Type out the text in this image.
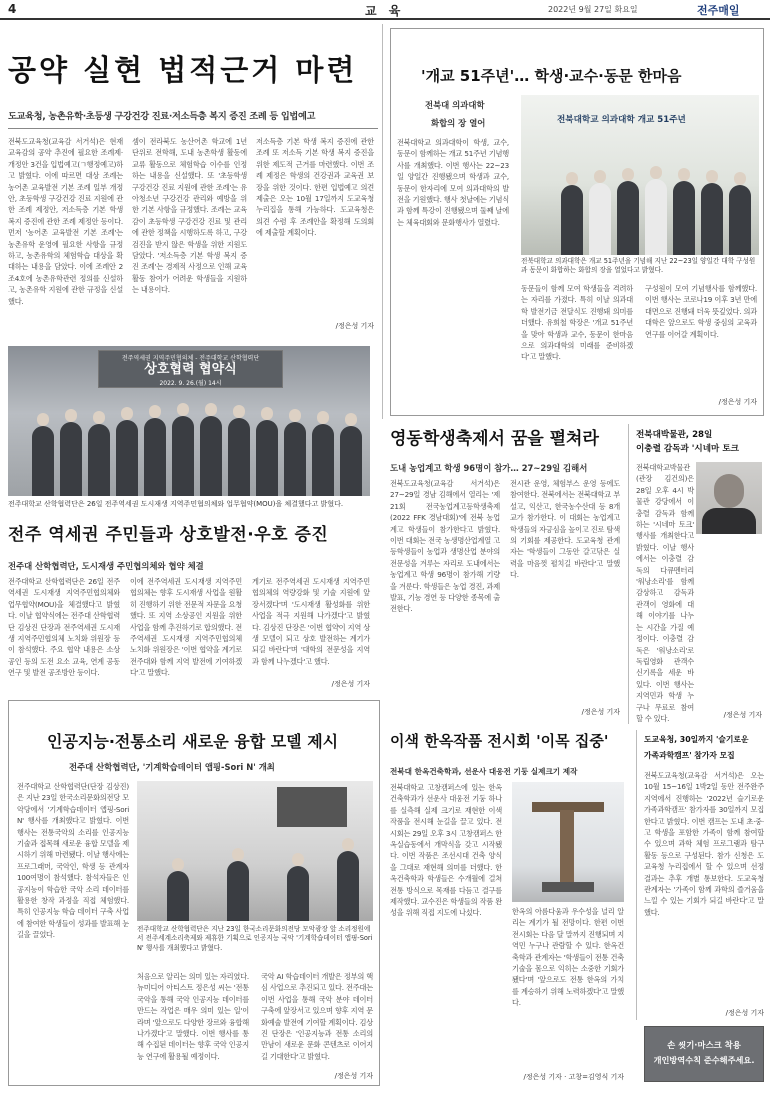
4	교 육	2022년 9월 27일 화요일	전주매일
공약 실현 법적근거 마련
도교육청, 농촌유학·초등생 구강건강 진료·저소득층 복지 증진 조례 등 입법예고
전북도교육청(교육감 서거석)은 현재 교육감의 공약 추진에 필요한 조례제·개정안 3건을 입법예고(ㄱ행정예고)하고 밝혔다. 이에 따르면 대상 조례는 농어촌 교육발전 기본 조례 일부 개정안, 초등학생 구강건강 진료 지원에 관한 조례 제정안, 저소득층 기본 학생 복지 증진에 관한 조례 제정안 등이다. 먼저 '농어촌 교육발전 기본 조례'는 농촌유학 운영에 필요한 사항을 규정하고, 농촌유학의 체험학습 대상을 확대하는 내용을 담았다. 이에 조례안 2조4호에 농촌유학관련 정의를 신설하고, 농촌유학 지원에 관한 규정을 신설했다.
셈이 전라북도 농산어촌 학교에 1년 단위로 전학해, 도내 농촌학생 활동에 교류 활동으로 체험학습 이수를 인정하는 내용을 신설했다. 또 '초등학생 구강건강 진료 지원에 관한 조례'는 유아청소년 구강건강 관리와 예방을 위한 기본 사항을 규정했다. 조례는 교육감이 초등학생 구강건강 진료 및 관리에 관한 정책을 시행하도록 하고, 구강검진을 받지 않은 학생을 위한 지원도 담았다. '저소득층 기본 학생 복지 증진 조례'는 경제적 사정으로 인해 교육활동 참여가 어려운 학생들을 지원하는 내용이다.
저소득층 기본 학생 복지 증진에 관한 조례 또 저소득 기본 학생 복지 증진을 위한 제도적 근거를 마련했다. 이번 조례 제정은 학생의 건강권과 교육권 보장을 위한 것이다. 한편 입법예고 의견 제출은 오는 10월 17일까지 도교육청 누리집을 통해 가능하다. 도교육청은 의견 수렴 후 조례안을 확정해 도의회에 제출할 계획이다.
/정은성 기자
전주역세권 지역주민협의체 - 전주대학교 산학협력단
상호협력 협약식
2022. 9. 26.(월) 14시
전주대학교 산학협력단은 26일 전주역세권 도시재생 지역주민협의체와 업무협약(MOU)을 체결했다고 밝혔다.
전주 역세권 주민들과 상호발전·우호 증진
전주대 산학협력단, 도시재생 주민협의체와 협약 체결
전주대학교 산학협력단은 26일 전주역세권 도시재생 지역주민협의체와 업무협약(MOU)을 체결했다고 밝혔다. 이날 협약식에는 전주대 산학협력단 김상진 단장과 전주역세권 도시재생 지역주민협의체 노치화 위원장 등이 참석했다. 주요 협약 내용은 소상공인 등의 도전 요소 교육, 연계 공동연구 및 발전 공조방안 등이다.
이에 전주역세권 도시재생 지역주민협의체는 향후 도시재생 사업을 원활히 진행하기 위한 전문적 자문을 요청했다. 또 지역 소상공인 지원을 위한 사업을 함께 추진하기로 합의했다. 전주역세권 도시재생 지역주민협의체 노치화 위원장은 '이번 협약을 계기로 전주대와 함께 지역 발전에 기여하겠다'고 말했다.
게기로 전주역세권 도시재생 지역주민협의체의 역량강화 및 기술 지원에 앞장서겠다'며 '도시재생 활성화를 위한 사업을 적극 지원해 나가겠다'고 밝혔다. 김상진 단장은 '이번 협약이 지역 상생 모델이 되고 상호 발전하는 계기가 되길 바란다'며 '대학의 전문성을 지역과 함께 나누겠다'고 했다.
/정은성 기자
인공지능·전통소리 새로운 융합 모델 제시
전주대 산학협력단, '기계학습데이터 앱핑-Sori N' 개최
전주대학교 산학협력단(단장 김상진)은 지난 23일 한국소리문화의전당 모악당에서 '기계학습데이터 앱핑-Sori N' 행사를 개최했다고 밝혔다. 이번 행사는 전통국악의 소리를 인공지능 기술과 접목해 새로운 융합 모델을 제시하기 위해 마련됐다. 이날 행사에는 프로그래머, 국악인, 학생 등 관계자 100여명이 참석했다. 참석자들은 인공지능이 학습한 국악 소리 데이터를 활용한 창작 과정을 직접 체험했다. 특히 인공지능 학습 데이터 구축 사업에 참여한 학생들이 성과를 발표해 눈길을 끌었다.
전주대학교 산학협력단은 지난 23일 한국소리문화의전당 모악광장 앞 소리정원에서 전주세계소리축제와 제휴한 기획으로 인공지능 국악 '기계학습데이터 앱핑-Sori N' 행사를 개최했다고 밝혔다.
처음으로 알리는 의미 있는 자리였다. 뉴미디어 아티스트 정은성 씨는 '전통 국악을 통해 국악 인공지능 데이터를 만드는 작업은 매우 의미 있는 일'이라며 '앞으로도 다양한 장르와 융합해 나가겠다'고 말했다. 이번 행사를 통해 수집된 데이터는 향후 국악 인공지능 연구에 활용될 예정이다.
국악 AI 학습데이터 개발은 정부의 핵심 사업으로 추진되고 있다. 전주대는 이번 사업을 통해 국악 분야 데이터 구축에 앞장서고 있으며 향후 지역 문화예술 발전에 기여할 계획이다. 김상진 단장은 '인공지능과 전통 소리의 만남이 새로운 문화 콘텐츠로 이어지길 기대한다'고 밝혔다.
/정은성 기자
'개교 51주년'… 학생·교수·동문 한마음
전북대 의과대학
화합의 장 열어
전북대학교 의과대학이 학생, 교수, 동문이 함께하는 개교 51주년 기념행사를 개최했다. 이번 행사는 22~23일 양일간 진행됐으며 학생과 교수, 동문이 한자리에 모여 의과대학의 발전을 기원했다. 행사 첫날에는 기념식과 함께 특강이 진행됐으며 둘째 날에는 체육대회와 문화행사가 열렸다.
전북대학교 의과대학 개교 51주년
전북대학교 의과대학은 개교 51주년을 기념해 지난 22~23일 양일간 대학 구성원과 동문이 화합하는 화합의 장을 열었다고 밝혔다.
동문들이 함께 모여 학생들을 격려하는 자리를 가졌다. 특히 이날 의과대학 발전기금 전달식도 진행돼 의미를 더했다. 유희철 학장은 '개교 51주년을 맞아 학생과 교수, 동문이 한마음으로 의과대학의 미래를 준비하겠다'고 말했다.
구성원이 모여 기념행사를 함께했다. 이번 행사는 코로나19 이후 3년 만에 대면으로 진행돼 더욱 뜻깊었다. 의과대학은 앞으로도 학생 중심의 교육과 연구를 이어갈 계획이다.
/정은성 기자
영동학생축제서 꿈을 펼쳐라
도내 농업계고 학생 96명이 참가… 27~29일 김해서
전북도교육청(교육감 서거석)은 27~29일 경남 김해에서 열리는 '제21회 전국농업계고등학생축제(2022 FFK 경남대회)'에 전북 농업계고 학생들이 참가한다고 밝혔다. 이번 대회는 전국 농생명산업계열 고등학생들이 농업과 생명산업 분야의 전문성을 겨루는 자리로 도내에서는 농업계고 학생 96명이 참가해 기량을 겨룬다. 학생들은 농업 경진, 과제 발표, 기능 경연 등 다양한 종목에 출전한다.
전시관 운영, 체험부스 운영 등에도 참여한다. 전북에서는 전북대학교 부설고, 익산고, 한국농수산대 등 8개교가 참가한다. 이 대회는 농업계고 학생들의 자긍심을 높이고 진로 탐색의 기회를 제공한다. 도교육청 관계자는 '학생들이 그동안 갈고닦은 실력을 마음껏 펼치길 바란다'고 말했다.
/정은성 기자
전북대박물관, 28일
이충렬 감독과 '시네마 토크
전북대학교박물관(관장 김건의)은 28일 오후 4시 박물관 강당에서 이충렬 감독과 함께하는 '시네마 토크' 행사를 개최한다고 밝혔다. 이날 행사에서는 이충렬 감독의 다큐멘터리 '워낭소리'를 함께 감상하고 감독과 관객이 영화에 대해 이야기를 나누는 시간을 가질 예정이다. 이충렬 감독은 '워낭소리'로 독립영화 관객수 신기록을 세운 바 있다. 이번 행사는 지역민과 학생 누구나 무료로 참여할 수 있다.	/정은성 기자
이색 한옥작품 전시회 '이목 집중'
전북대 한옥건축학과, 선운사 대웅전 기둥 실제크기 제작
전북대학교 고창캠퍼스에 있는 한옥건축학과가 선운사 대웅전 기둥 하나를 실측해 실제 크기로 재현한 이색 작품을 전시해 눈길을 끌고 있다. 전시회는 29일 오후 3시 고창캠퍼스 한옥실습동에서 개막식을 갖고 시작됐다. 이번 작품은 조선시대 건축 양식을 그대로 재현해 의미를 더했다. 한옥건축학과 학생들은 수개월에 걸쳐 전통 방식으로 목재를 다듬고 결구를 제작했다. 교수진은 학생들의 작품 완성을 위해 직접 지도에 나섰다.	한옥의 아름다움과 우수성을 널리 알리는 계기가 될 전망이다. 한편 이번 전시회는 다음 달 말까지 진행되며 지역민 누구나 관람할 수 있다. 한옥건축학과 관계자는 '학생들이 전통 건축 기술을 몸으로 익히는 소중한 기회가 됐다'며 '앞으로도 전통 한옥의 가치를 계승하기 위해 노력하겠다'고 말했다.
/정은성 기자 · 고창=김영식 기자
도교육청, 30일까지 '슬기로운
가족과학캠프' 참가자 모집
전북도교육청(교육감 서거석)은 오는 10월 15~16일 1박2일 동안 전주완주지역에서 진행하는 '2022년 슬기로운 가족과학캠프' 참가자를 30일까지 모집한다고 밝혔다. 이번 캠프는 도내 초·중·고 학생을 포함한 가족이 함께 참여할 수 있으며 과학 체험 프로그램과 탐구 활동 등으로 구성된다. 참가 신청은 도교육청 누리집에서 할 수 있으며 선정 결과는 추후 개별 통보한다. 도교육청 관계자는 '가족이 함께 과학의 즐거움을 느낄 수 있는 기회가 되길 바란다'고 말했다.
/정은성 기자
손 씻기·마스크 착용
개인방역수칙 준수해주세요.
